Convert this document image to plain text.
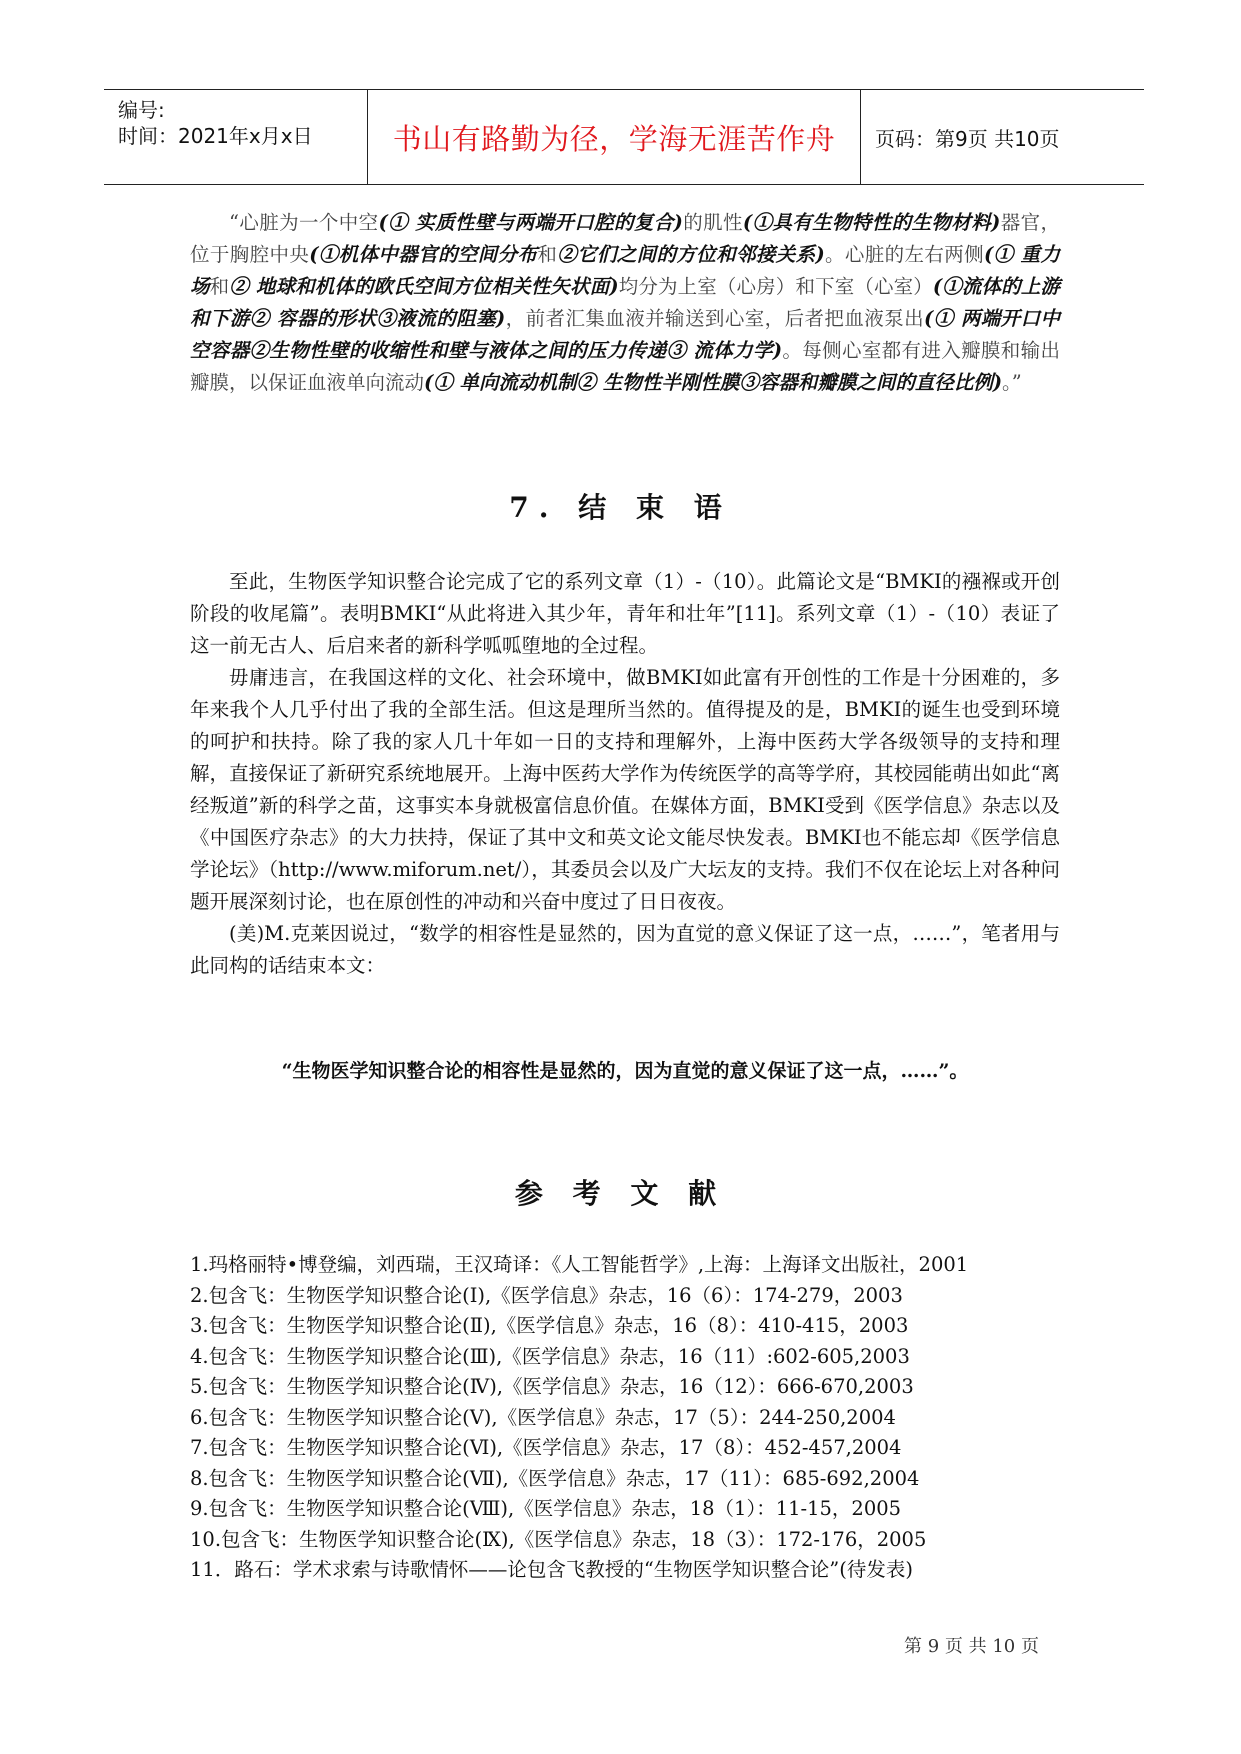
编号:
时间：2021年x月x日	书山有路勤为径，学海无涯苦作舟	页码：第9页 共10页

“心脏为一个中空(① 实质性壁与两端开口腔的复合)的肌性(①具有生物特性的生物材料)器官，位于胸腔中央(①机体中器官的空间分布和②它们之间的方位和邻接关系)。心脏的左右两侧(① 重力场和② 地球和机体的欧氏空间方位相关性矢状面)均分为上室（心房）和下室（心室）(①流体的上游和下游② 容器的形状③液流的阻塞)，前者汇集血液并输送到心室，后者把血液泵出(① 两端开口中空容器②生物性壁的收缩性和壁与液体之间的压力传递③ 流体力学)。每侧心室都有进入瓣膜和输出瓣膜，以保证血液单向流动(① 单向流动机制② 生物性半刚性膜③容器和瓣膜之间的直径比例)。”

7. 结 束 语

至此，生物医学知识整合论完成了它的系列文章（1）-（10）。此篇论文是“BMKI的襁褓或开创阶段的收尾篇”。表明BMKI“从此将进入其少年，青年和壮年”[11]。系列文章（1）-（10）表证了这一前无古人、后启来者的新科学呱呱堕地的全过程。

毋庸违言，在我国这样的文化、社会环境中，做BMKI如此富有开创性的工作是十分困难的，多年来我个人几乎付出了我的全部生活。但这是理所当然的。值得提及的是，BMKI的诞生也受到环境的呵护和扶持。除了我的家人几十年如一日的支持和理解外，上海中医药大学各级领导的支持和理解，直接保证了新研究系统地展开。上海中医药大学作为传统医学的高等学府，其校园能萌出如此“离经叛道”新的科学之苗，这事实本身就极富信息价值。在媒体方面，BMKI受到《医学信息》杂志以及《中国医疗杂志》的大力扶持，保证了其中文和英文论文能尽快发表。BMKI也不能忘却《医学信息学论坛》（http://www.miforum.net/），其委员会以及广大坛友的支持。我们不仅在论坛上对各种问题开展深刻讨论，也在原创性的冲动和兴奋中度过了日日夜夜。

(美)M.克莱因说过，“数学的相容性是显然的，因为直觉的意义保证了这一点，……”，笔者用与此同构的话结束本文：

“生物医学知识整合论的相容性是显然的，因为直觉的意义保证了这一点，……”。
参 考 文 献
1.玛格丽特•博登编，刘西瑞，王汉琦译：《人工智能哲学》,上海：上海译文出版社，2001
2.包含飞：生物医学知识整合论(Ⅰ),《医学信息》杂志，16（6）：174-279，2003
3.包含飞：生物医学知识整合论(Ⅱ),《医学信息》杂志，16（8）：410-415，2003
4.包含飞：生物医学知识整合论(Ⅲ),《医学信息》杂志，16（11）:602-605,2003
5.包含飞：生物医学知识整合论(Ⅳ),《医学信息》杂志，16（12）：666-670,2003
6.包含飞：生物医学知识整合论(Ⅴ),《医学信息》杂志，17（5）：244-250,2004
7.包含飞：生物医学知识整合论(Ⅵ),《医学信息》杂志，17（8）：452-457,2004
8.包含飞：生物医学知识整合论(Ⅶ),《医学信息》杂志，17（11）：685-692,2004
9.包含飞：生物医学知识整合论(Ⅷ),《医学信息》杂志，18（1）：11-15，2005
10.包含飞：生物医学知识整合论(Ⅸ),《医学信息》杂志，18（3）：172-176，2005
11．路石：学术求索与诗歌情怀——论包含飞教授的“生物医学知识整合论”(待发表)
第 9 页 共 10 页
